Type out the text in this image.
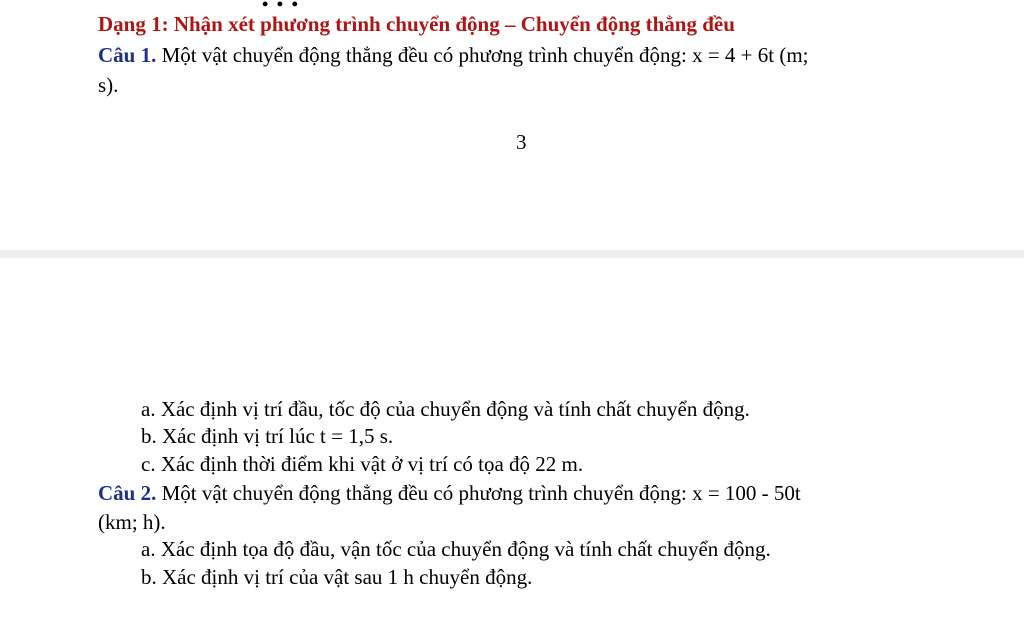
• • •
Dạng 1: Nhận xét phương trình chuyển động – Chuyển động thẳng đều
Câu 1. Một vật chuyển động thẳng đều có phương trình chuyển động: x = 4 + 6t (m;
s).
3
a. Xác định vị trí đầu, tốc độ của chuyển động và tính chất chuyển động.
b. Xác định vị trí lúc t = 1,5 s.
c. Xác định thời điểm khi vật ở vị trí có tọa độ 22 m.
Câu 2. Một vật chuyển động thẳng đều có phương trình chuyển động: x = 100 - 50t
(km; h).
a. Xác định tọa độ đầu, vận tốc của chuyển động và tính chất chuyển động.
b. Xác định vị trí của vật sau 1 h chuyển động.
